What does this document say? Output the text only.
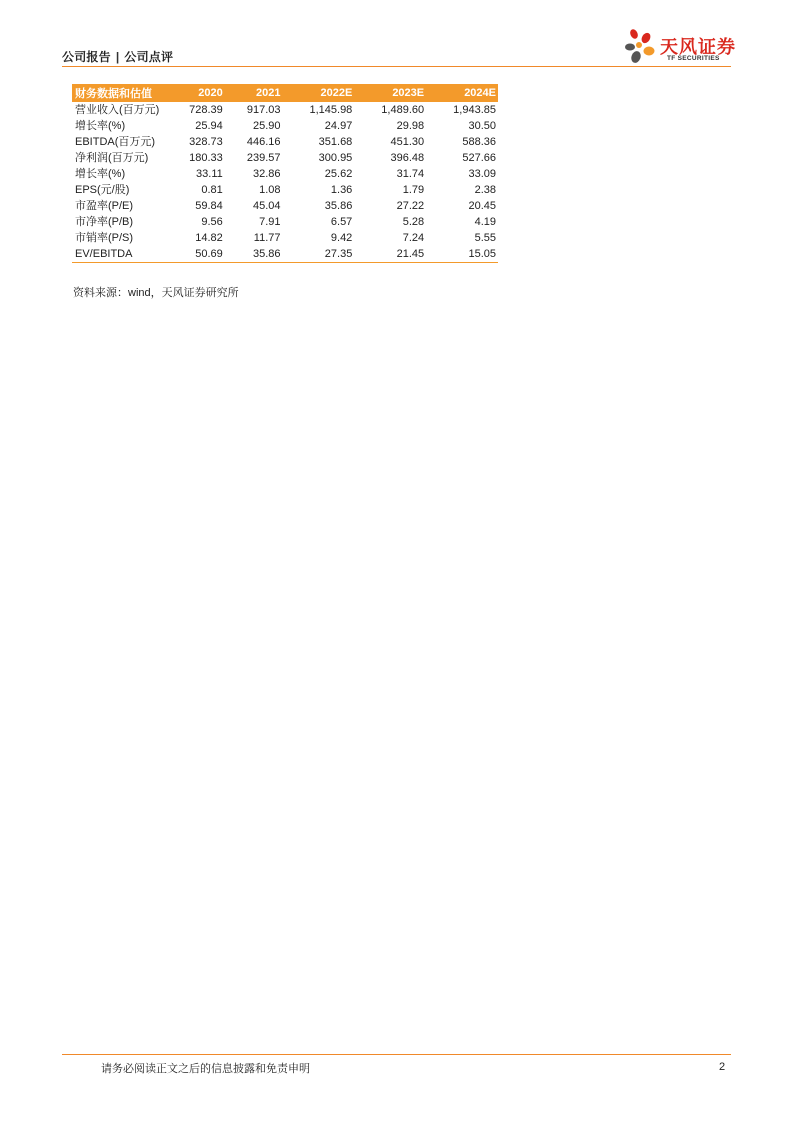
公司报告 | 公司点评	天风证券
TF SECURITIES
财务数据和估值	2020	2021	2022E	2023E	2024E
营业收入(百万元)	728.39	917.03	1,145.98	1,489.60	1,943.85
增长率(%)	25.94	25.90	24.97	29.98	30.50
EBITDA(百万元)	328.73	446.16	351.68	451.30	588.36
净利润(百万元)	180.33	239.57	300.95	396.48	527.66
增长率(%)	33.11	32.86	25.62	31.74	33.09
EPS(元/股)	0.81	1.08	1.36	1.79	2.38
市盈率(P/E)	59.84	45.04	35.86	27.22	20.45
市净率(P/B)	9.56	7.91	6.57	5.28	4.19
市销率(P/S)	14.82	11.77	9.42	7.24	5.55
EV/EBITDA	50.69	35.86	27.35	21.45	15.05
资料来源：wind，天风证券研究所
请务必阅读正文之后的信息披露和免责申明	2
